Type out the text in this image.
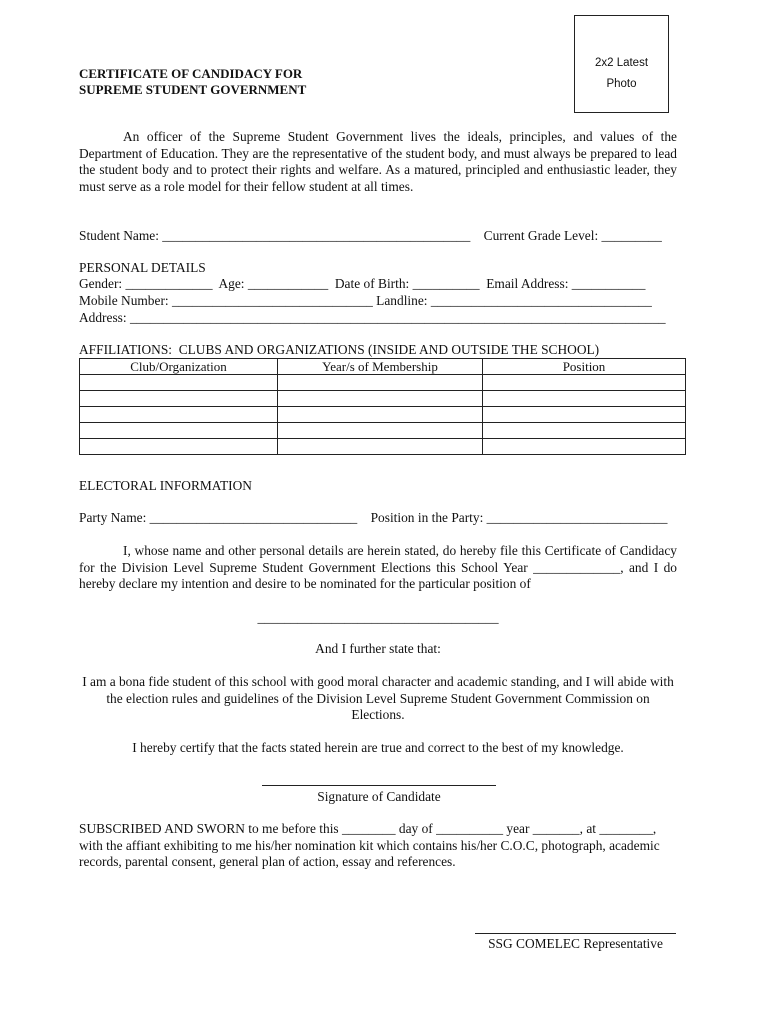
2x2 Latest
Photo
CERTIFICATE OF CANDIDACY FOR
SUPREME STUDENT GOVERNMENT

An officer of the Supreme Student Government lives the ideals, principles, and values of the Department of Education. They are the representative of the student body, and must always be prepared to lead the student body and to protect their rights and welfare. As a matured, principled and enthusiastic leader, they must serve as a role model for their fellow student at all times.

Student Name: ______________________________________________    Current Grade Level: _________
PERSONAL DETAILS
Gender: _____________  Age: ____________  Date of Birth: __________  Email Address: ___________
Mobile Number: ______________________________ Landline: _________________________________
Address: ________________________________________________________________________________
AFFILIATIONS:  CLUBS AND ORGANIZATIONS (INSIDE AND OUTSIDE THE SCHOOL)
Club/Organization	Year/s of Membership	Position

ELECTORAL INFORMATION
Party Name: _______________________________    Position in the Party: ___________________________

I, whose name and other personal details are herein stated, do hereby file this Certificate of Candidacy for the Division Level Supreme Student Government Elections this School Year _____________, and I do hereby declare my intention and desire to be nominated for the particular position of

____________________________________
And I further state that:
I am a bona fide student of this school with good moral character and academic standing, and I will abide with the election rules and guidelines of the Division Level Supreme Student Government Commission on Elections.
I hereby certify that the facts stated herein are true and correct to the best of my knowledge.
Signature of Candidate
SUBSCRIBED AND SWORN to me before this ________ day of __________ year _______, at ________, with the affiant exhibiting to me his/her nomination kit which contains his/her C.O.C, photograph, academic records, parental consent, general plan of action, essay and references.
SSG COMELEC Representative
